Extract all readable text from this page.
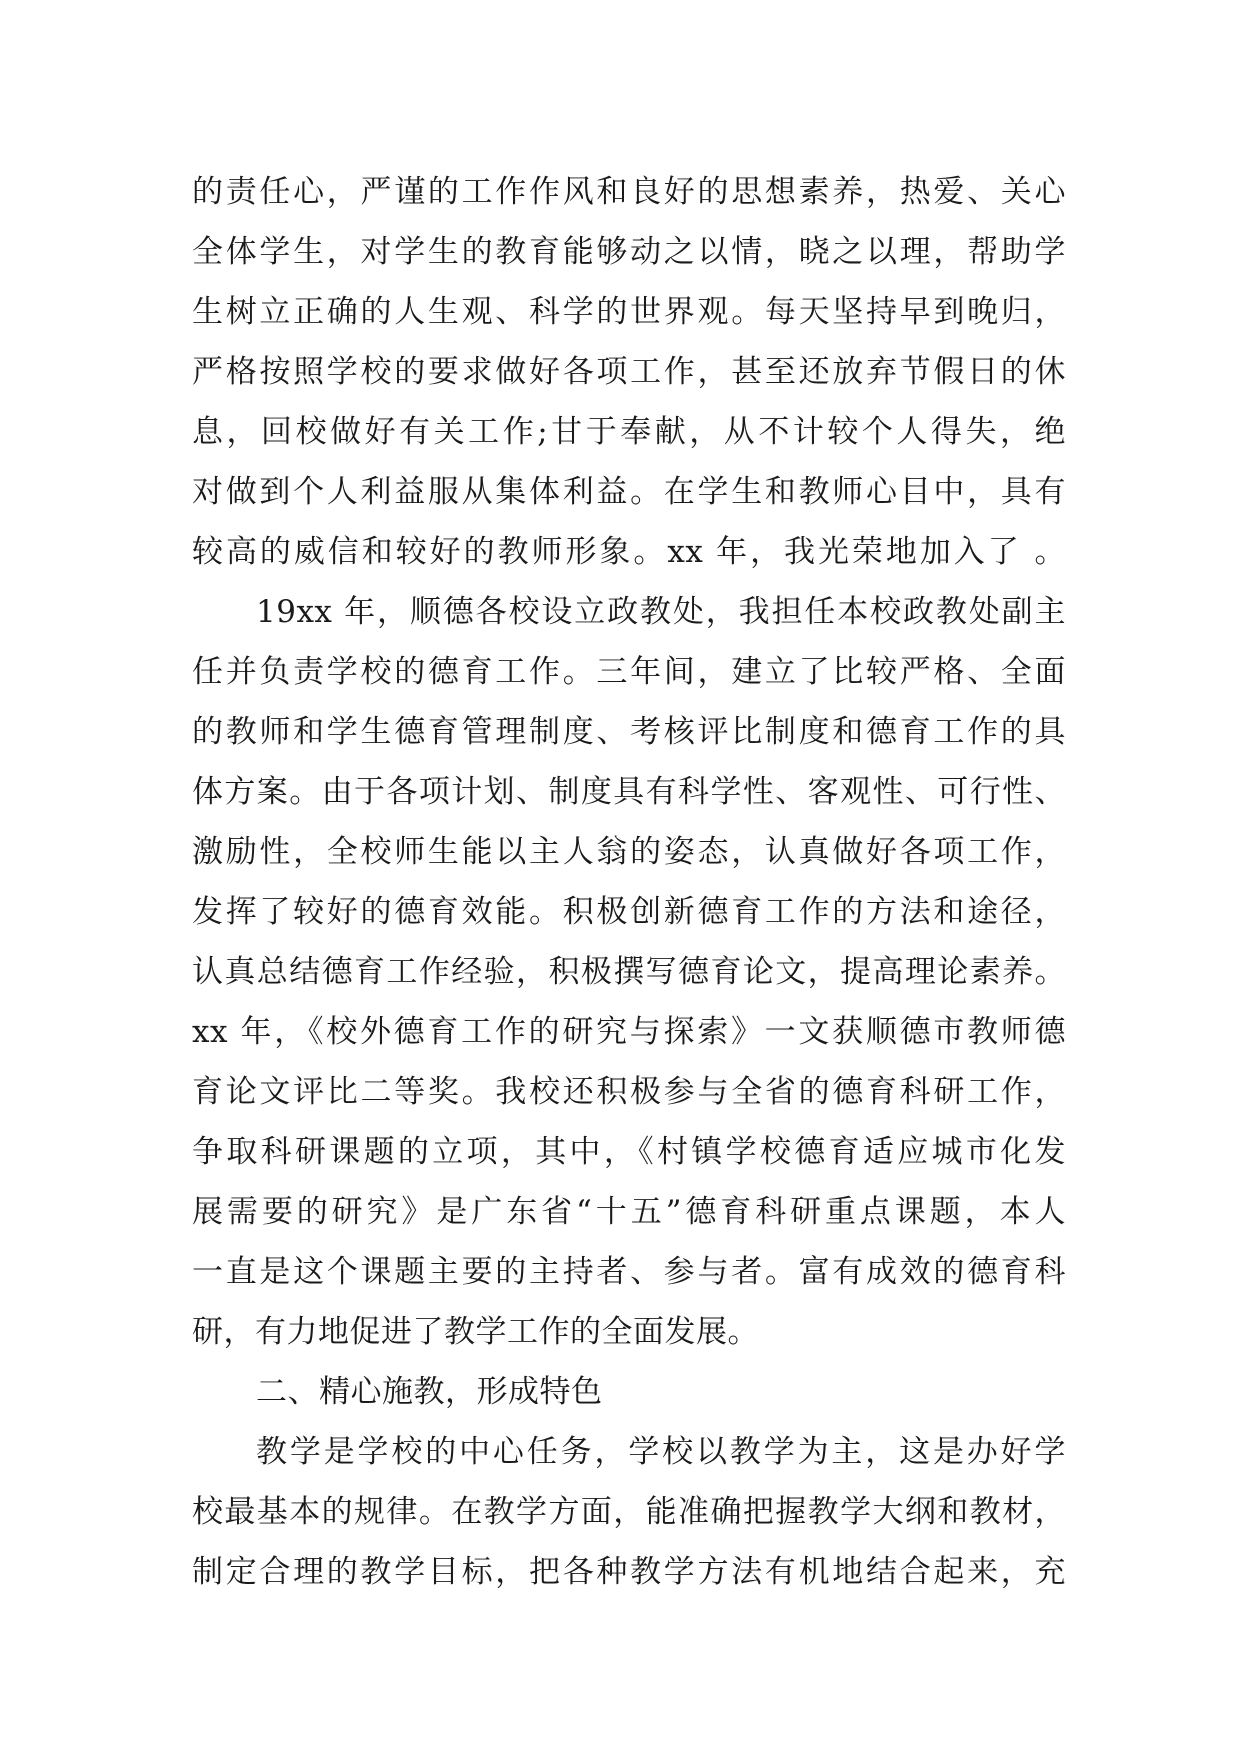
的责任心，严谨的工作作风和良好的思想素养，热爱、关心
全体学生，对学生的教育能够动之以情，晓之以理，帮助学
生树立正确的人生观、科学的世界观。每天坚持早到晚归，
严格按照学校的要求做好各项工作，甚至还放弃节假日的休
息，回校做好有关工作;甘于奉献，从不计较个人得失，绝
对做到个人利益服从集体利益。在学生和教师心目中，具有
较高的威信和较好的教师形象。xx 年，我光荣地加入了 。
19xx 年，顺德各校设立政教处，我担任本校政教处副主
任并负责学校的德育工作。三年间，建立了比较严格、全面
的教师和学生德育管理制度、考核评比制度和德育工作的具
体方案。由于各项计划、制度具有科学性、客观性、可行性、
激励性，全校师生能以主人翁的姿态，认真做好各项工作，
发挥了较好的德育效能。积极创新德育工作的方法和途径，
认真总结德育工作经验，积极撰写德育论文，提高理论素养。
xx 年，《校外德育工作的研究与探索》一文获顺德市教师德
育论文评比二等奖。我校还积极参与全省的德育科研工作，
争取科研课题的立项，其中，《村镇学校德育适应城市化发
展需要的研究》是广东省“十五”德育科研重点课题，本人
一直是这个课题主要的主持者、参与者。富有成效的德育科
研，有力地促进了教学工作的全面发展。
二、精心施教，形成特色
教学是学校的中心任务，学校以教学为主，这是办好学
校最基本的规律。在教学方面，能准确把握教学大纲和教材，
制定合理的教学目标，把各种教学方法有机地结合起来，充
